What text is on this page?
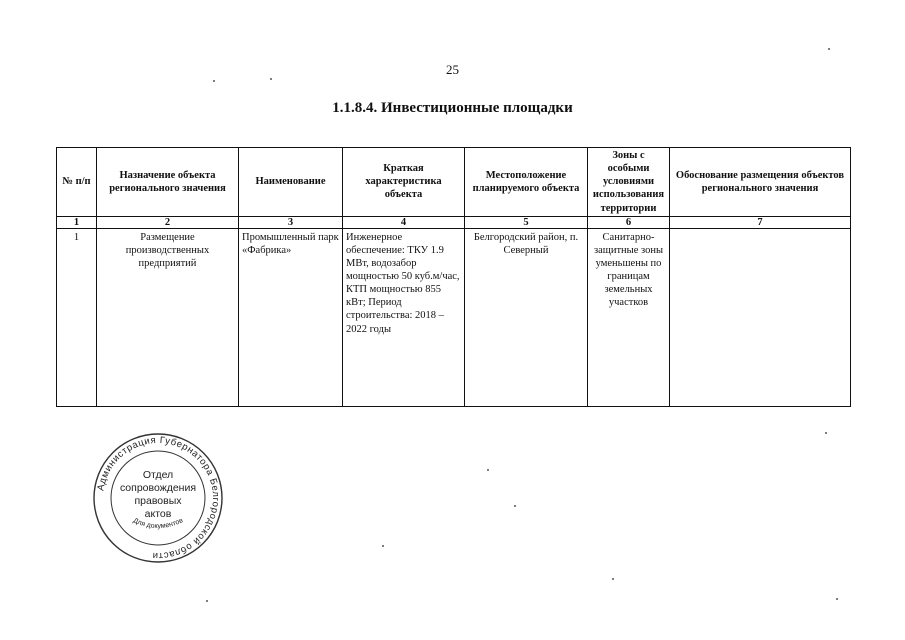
25
1.1.8.4. Инвестиционные площадки
№ п/п	Назначение объекта регионального значения	Наименование	Краткая характеристика объекта	Местоположение планируемого объекта	Зоны с особыми условиями использования территории	Обоснование размещения объектов регионального значения
1	2	3	4	5	6	7
1	Размещение производственных предприятий	Промышленный парк «Фабрика»	Инженерное обеспечение: ТКУ 1.9 МВт, водозабор мощностью 50 куб.м/час, КТП мощностью 855 кВт; Период строительства: 2018 – 2022 годы	Белгородский район, п. Северный	Санитарно-защитные зоны уменьшены по границам земельных участков	
Администрация Губернатора Белгородской области
Отдел
сопровождения
правовых
актов
Для документов
